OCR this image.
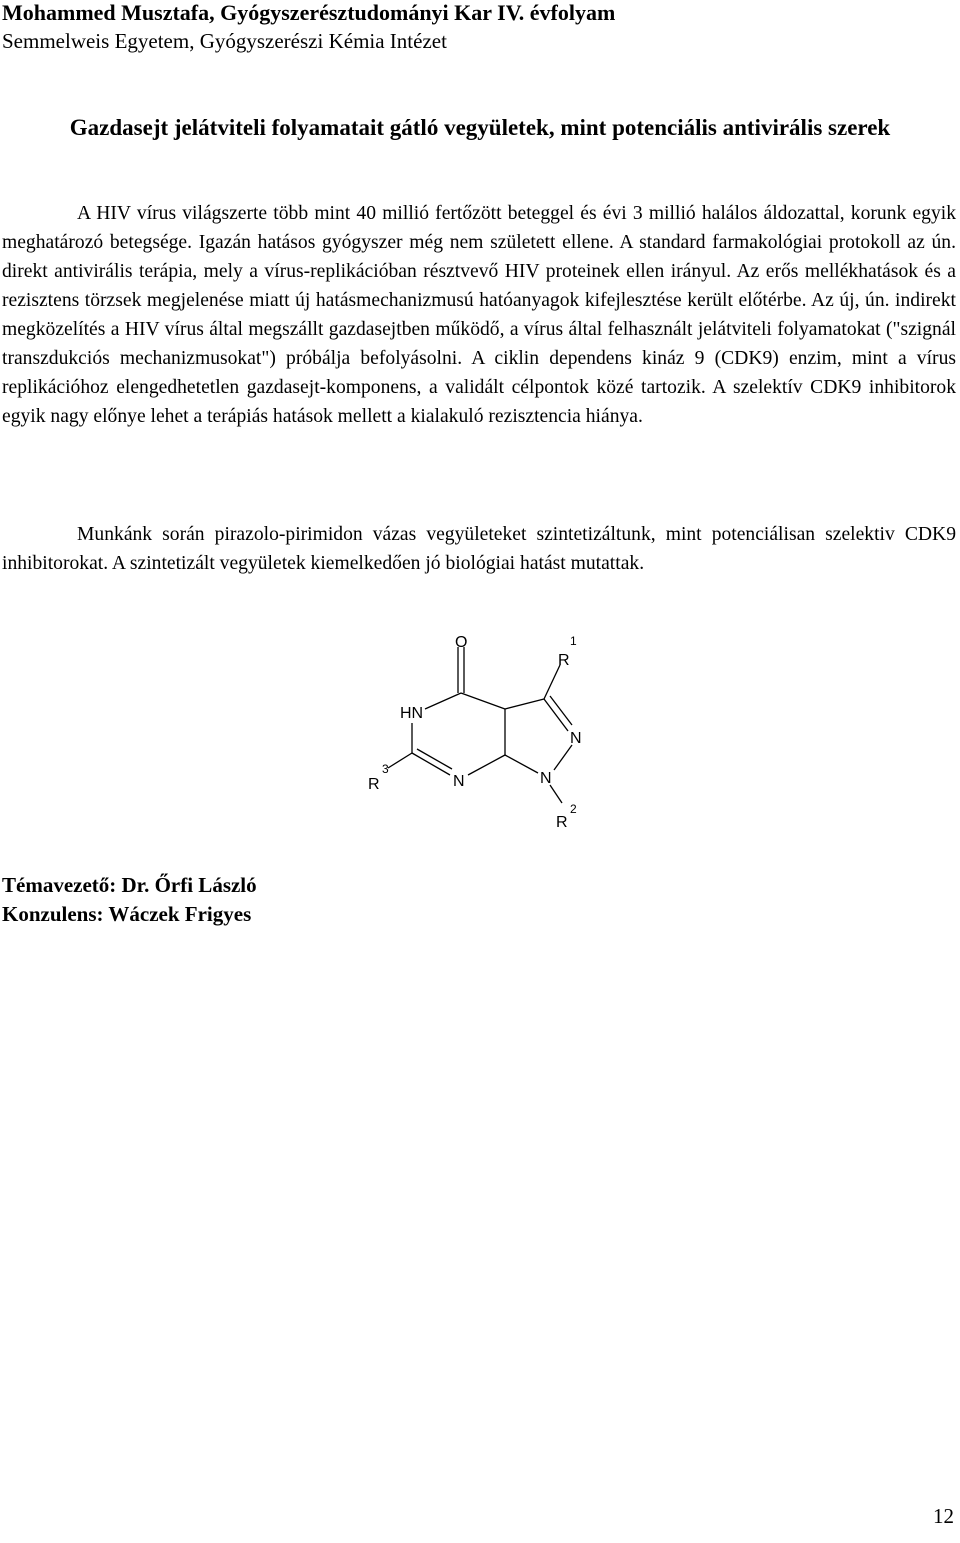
Mohammed Musztafa, Gyógyszerésztudományi Kar IV. évfolyam
Semmelweis Egyetem, Gyógyszerészi Kémia Intézet
Gazdasejt jelátviteli folyamatait gátló vegyületek, mint potenciális antivirális szerek

A HIV vírus világszerte több mint 40 millió fertőzött beteggel és évi 3 millió halálos áldozattal, korunk egyik meghatározó betegsége. Igazán hatásos gyógyszer még nem született ellene. A standard farmakológiai protokoll az ún. direkt antivirális terápia, mely a vírus-replikációban résztvevő HIV proteinek ellen irányul. Az erős mellékhatások és a rezisztens törzsek megjelenése miatt új hatásmechanizmusú hatóanyagok kifejlesztése került előtérbe. Az új, ún. indirekt megközelítés a HIV vírus által megszállt gazdasejtben működő, a vírus által felhasznált jelátviteli folyamatokat ("szignál transzdukciós mechanizmusokat") próbálja befolyásolni. A ciklin dependens kináz 9 (CDK9) enzim, mint a vírus replikációhoz elengedhetetlen gazdasejt-komponens, a validált célpontok közé tartozik. A szelektív CDK9 inhibitorok egyik nagy előnye lehet a terápiás hatások mellett a kialakuló rezisztencia hiánya.

Munkánk során pirazolo-pirimidon vázas vegyületeket szintetizáltunk, mint potenciálisan szelektiv CDK9 inhibitorokat. A szintetizált vegyületek kiemelkedően jó biológiai hatást mutattak.

O
R
1
HN
N
3
R	N	N
2
R
Témavezető: Dr. Őrfi László
Konzulens: Wáczek Frigyes
12
